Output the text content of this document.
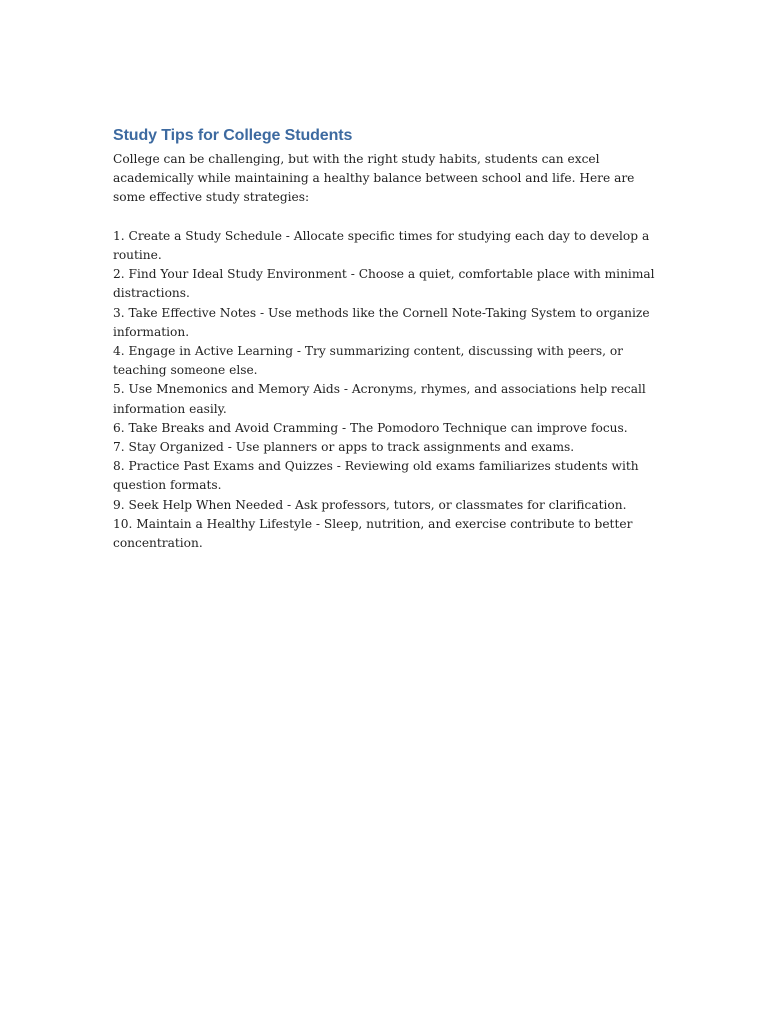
Study Tips for College Students

College can be challenging, but with the right study habits, students can excel academically while maintaining a healthy balance between school and life. Here are some effective study strategies:

1. Create a Study Schedule - Allocate specific times for studying each day to develop a routine.
2. Find Your Ideal Study Environment - Choose a quiet, comfortable place with minimal distractions.
3. Take Effective Notes - Use methods like the Cornell Note-Taking System to organize information.
4. Engage in Active Learning - Try summarizing content, discussing with peers, or teaching someone else.
5. Use Mnemonics and Memory Aids - Acronyms, rhymes, and associations help recall information easily.
6. Take Breaks and Avoid Cramming - The Pomodoro Technique can improve focus.
7. Stay Organized - Use planners or apps to track assignments and exams.
8. Practice Past Exams and Quizzes - Reviewing old exams familiarizes students with question formats.
9. Seek Help When Needed - Ask professors, tutors, or classmates for clarification.
10. Maintain a Healthy Lifestyle - Sleep, nutrition, and exercise contribute to better concentration.
